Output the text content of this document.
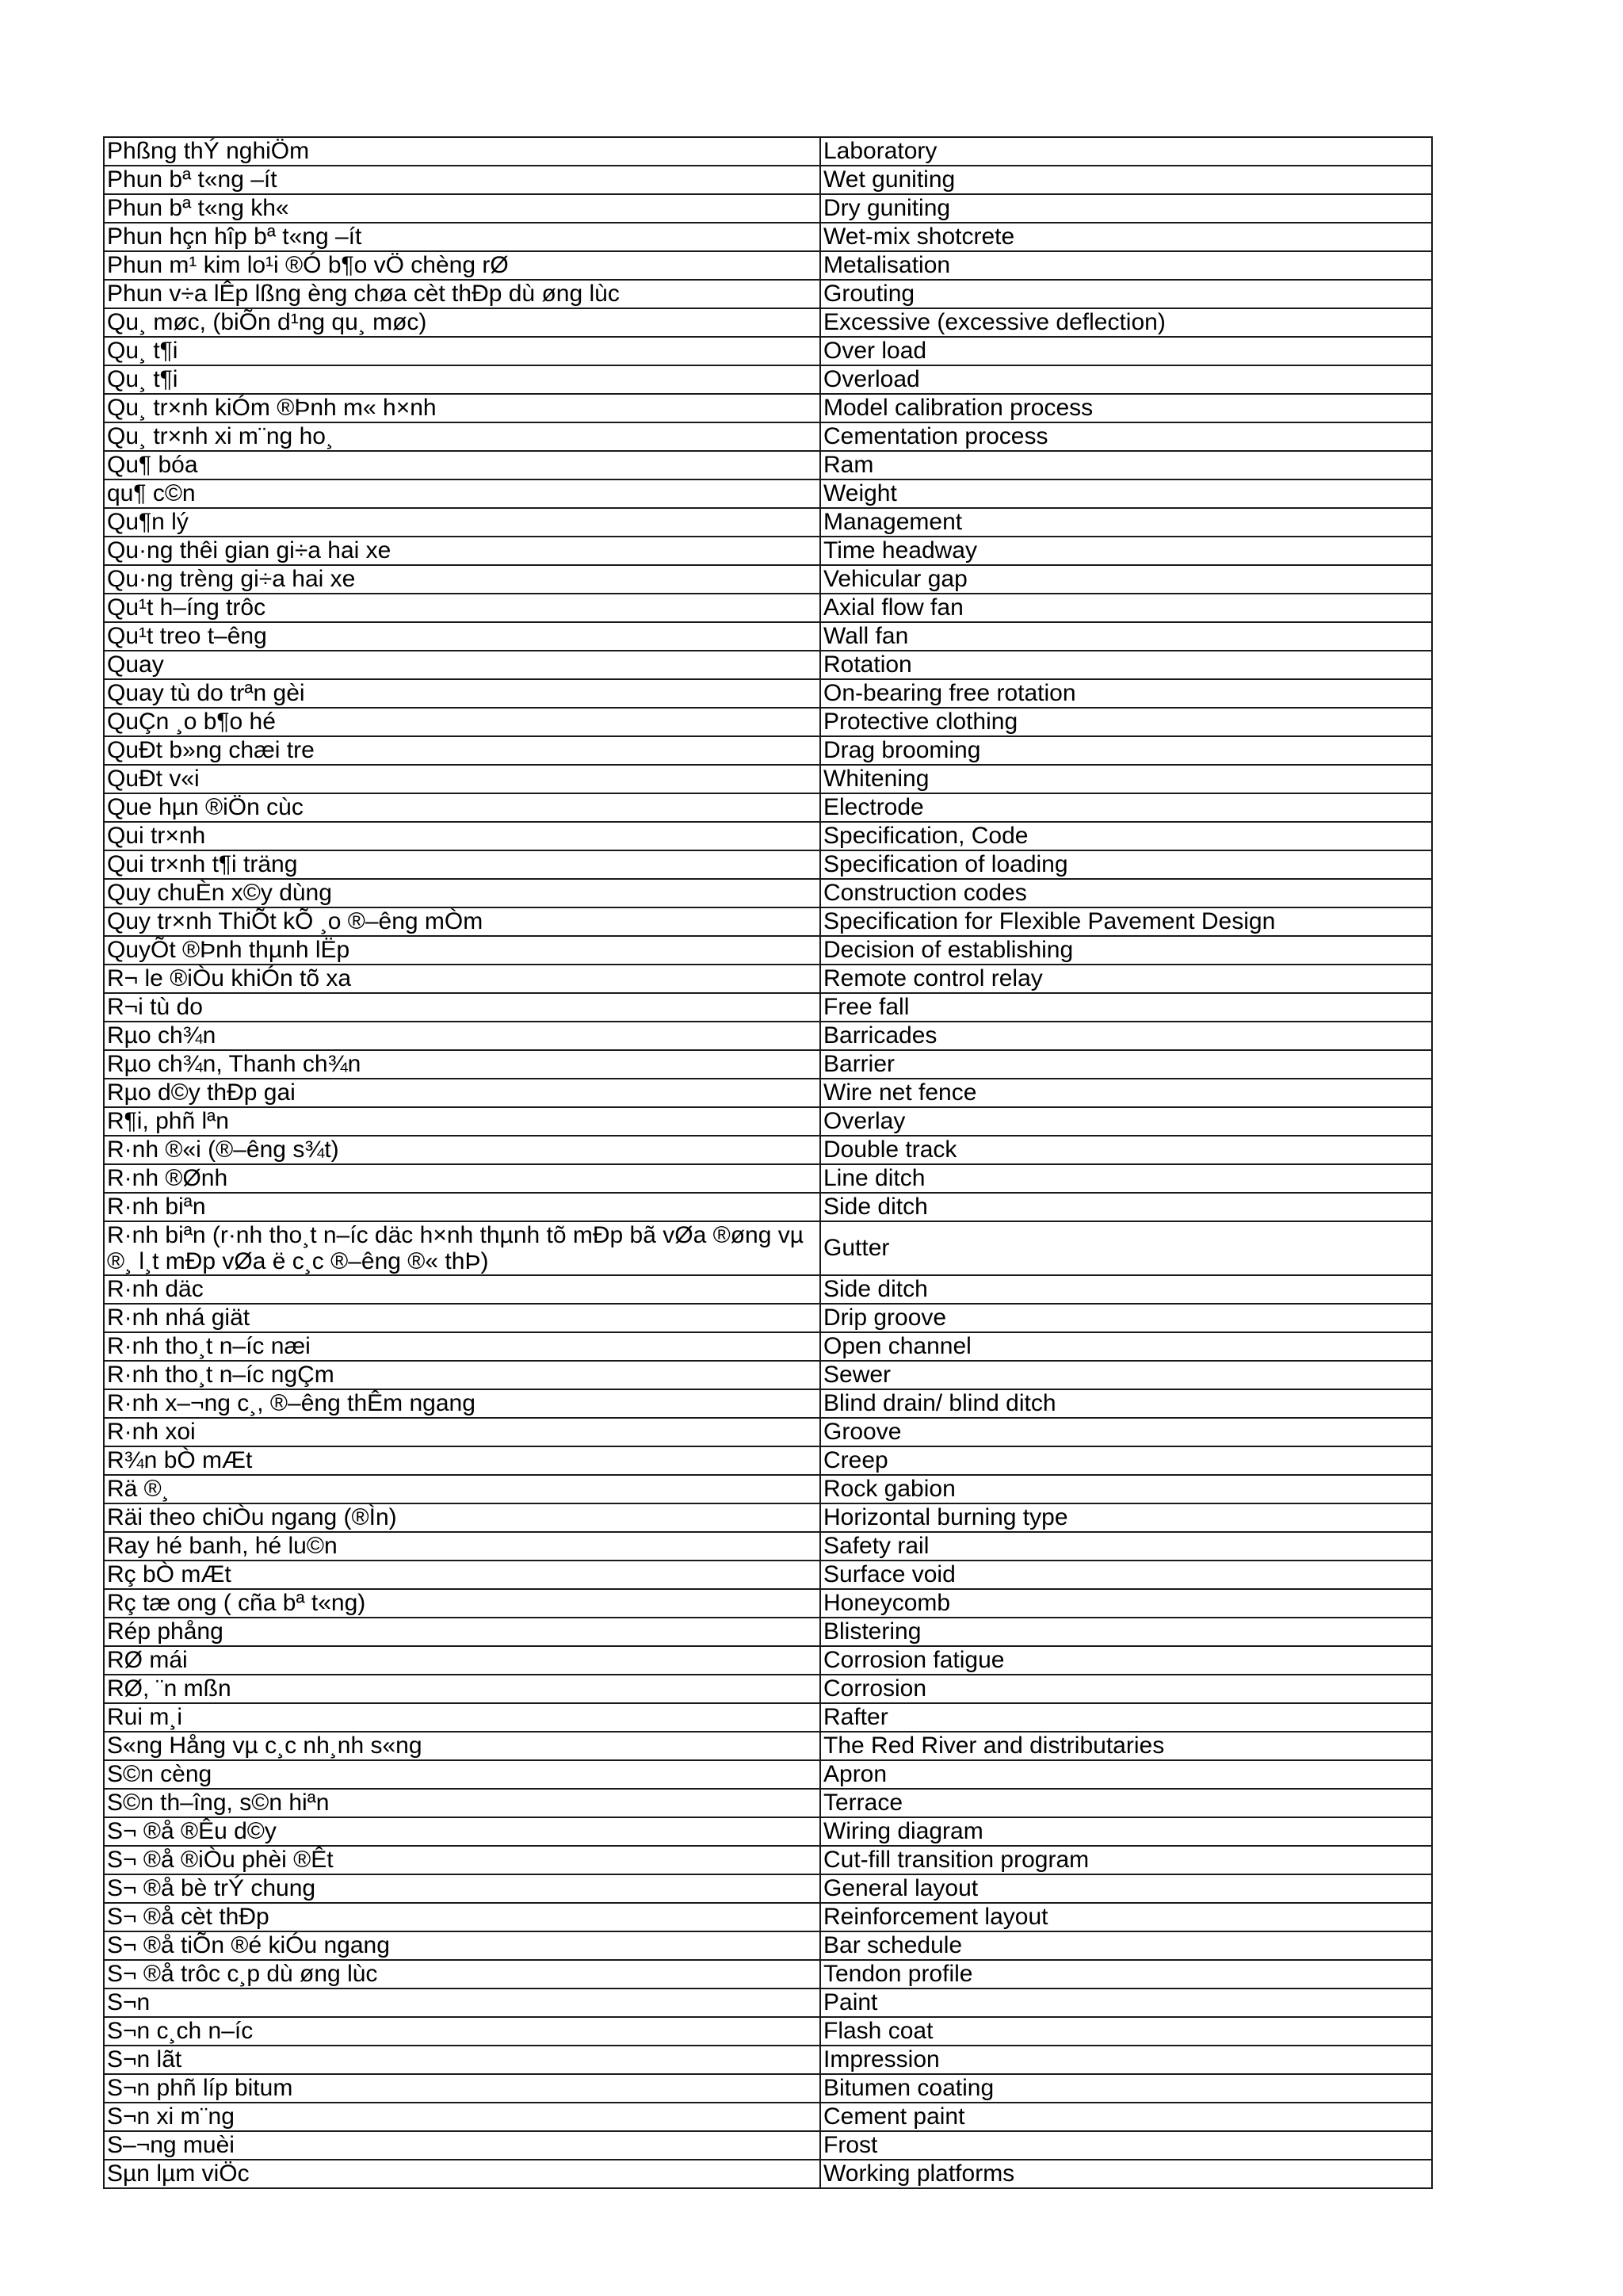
Phßng thÝ nghiÖm	Laboratory
Phun bª t«ng –ít	Wet guniting
Phun bª t«ng kh«	Dry guniting
Phun hçn hîp bª t«ng –ít	Wet-mix shotcrete
Phun m¹ kim lo¹i ®Ó b¶o vÖ chèng rØ	Metalisation
Phun v÷a lÊp lßng èng chøa cèt thÐp dù øng lùc	Grouting
Qu¸ møc, (biÕn d¹ng qu¸ møc)	Excessive (excessive deflection)
Qu¸ t¶i	Over load
Qu¸ t¶i	Overload
Qu¸ tr×nh kiÓm ®Þnh m« h×nh	Model calibration process
Qu¸ tr×nh xi m¨ng ho¸	Cementation process
Qu¶ bóa	Ram
qu¶ c©n	Weight
Qu¶n lý	Management
Qu·ng thêi gian gi÷a hai xe	Time headway
Qu·ng trèng gi÷a hai xe	Vehicular gap
Qu¹t h–íng trôc	Axial flow fan
Qu¹t treo t–êng	Wall fan
Quay	Rotation
Quay tù do trªn gèi	On-bearing free rotation
QuÇn ¸o b¶o hé	Protective clothing
QuÐt b»ng chæi tre	Drag brooming
QuÐt v«i	Whitening
Que hµn ®iÖn cùc	Electrode
Qui tr×nh	Specification, Code
Qui tr×nh t¶i träng	Specification of loading
Quy chuÈn x©y dùng	Construction codes
Quy tr×nh ThiÕt kÕ ¸o ®–êng mÒm	Specification for Flexible Pavement Design
QuyÕt ®Þnh thµnh lËp	Decision of establishing
R¬ le ®iÒu khiÓn tõ xa	Remote control relay
R¬i tù do	Free fall
Rµo ch¾n	Barricades
Rµo ch¾n, Thanh ch¾n	Barrier
Rµo d©y thÐp gai	Wire net fence
R¶i, phñ lªn	Overlay
R·nh ®«i (®–êng s¾t)	Double track
R·nh ®Ønh	Line ditch
R·nh biªn	Side ditch
R·nh biªn (r·nh tho¸t n–íc däc h×nh thµnh tõ mÐp bã vØa ®øng vµ ®¸ l¸t mÐp vØa ë c¸c ®–êng ®« thÞ)	Gutter
R·nh däc	Side ditch
R·nh nhá giät	Drip groove
R·nh tho¸t n–íc næi	Open channel
R·nh tho¸t n–íc ngÇm	Sewer
R·nh x–¬ng c¸, ®–êng thÊm ngang	Blind drain/ blind ditch
R·nh xoi	Groove
R¾n bÒ mÆt	Creep
Rä ®¸	Rock gabion
Räi theo chiÒu ngang (®Ìn)	Horizontal burning type
Ray hé banh, hé lu©n	Safety rail
Rç bÒ mÆt	Surface void
Rç tæ ong ( cña bª t«ng)	Honeycomb
Rép phång	Blistering
RØ mái	Corrosion fatigue
RØ, ¨n mßn	Corrosion
Rui m¸i	Rafter
S«ng Hång vµ c¸c nh¸nh s«ng	The Red River and distributaries
S©n cèng	Apron
S©n th–îng, s©n hiªn	Terrace
S¬ ®å ®Êu d©y	Wiring diagram
S¬ ®å ®iÒu phèi ®Êt	Cut-fill transition program
S¬ ®å bè trÝ chung	General layout
S¬ ®å cèt thÐp	Reinforcement layout
S¬ ®å tiÕn ®é kiÓu ngang	Bar schedule
S¬ ®å trôc c¸p dù øng lùc	Tendon profile
S¬n	Paint
S¬n c¸ch n–íc	Flash coat
S¬n lãt	Impression
S¬n phñ líp bitum	Bitumen coating
S¬n xi m¨ng	Cement paint
S–¬ng muèi	Frost
Sµn lµm viÖc	Working platforms
